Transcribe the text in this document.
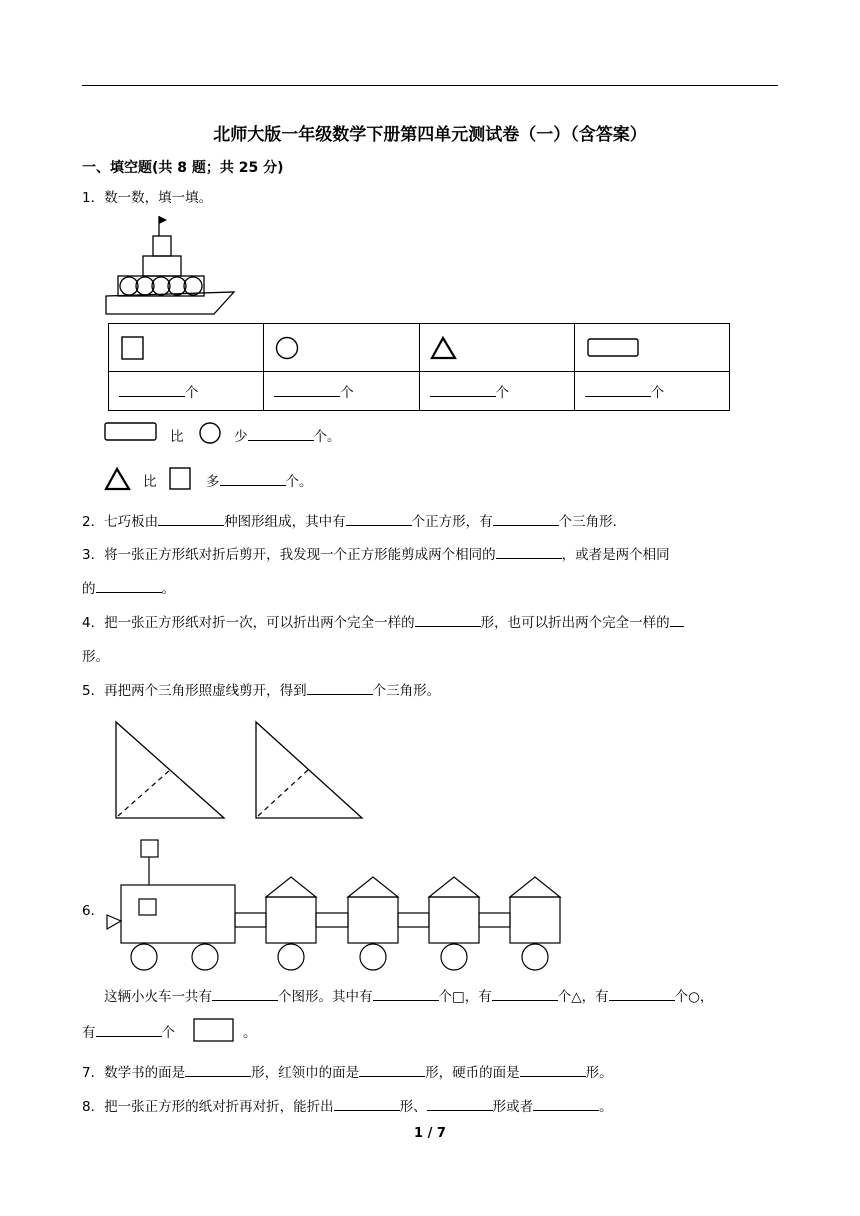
北师大版一年级数学下册第四单元测试卷（一）（含答案）
一、填空题(共 8 题；共 25 分)
1．数一数，填一填。

个	个	个	个
比	少	个。
比	多	个。
2．七巧板由	种图形组成，其中有	个正方形，有	个三角形.
3．将一张正方形纸对折后剪开，我发现一个正方形能剪成两个相同的	，或者是两个相同
的	。
4．把一张正方形纸对折一次，可以折出两个完全一样的	形，也可以折出两个完全一样的
形。
5．再把两个三角形照虚线剪开，得到	个三角形。
6．
这辆小火车一共有	个图形。其中有	个□，有	个△，有	个○，
有	个	。
7．数学书的面是	形，红领巾的面是	形，硬币的面是	形。
8．把一张正方形的纸对折再对折，能折出	形、	形或者	。
1 / 7
